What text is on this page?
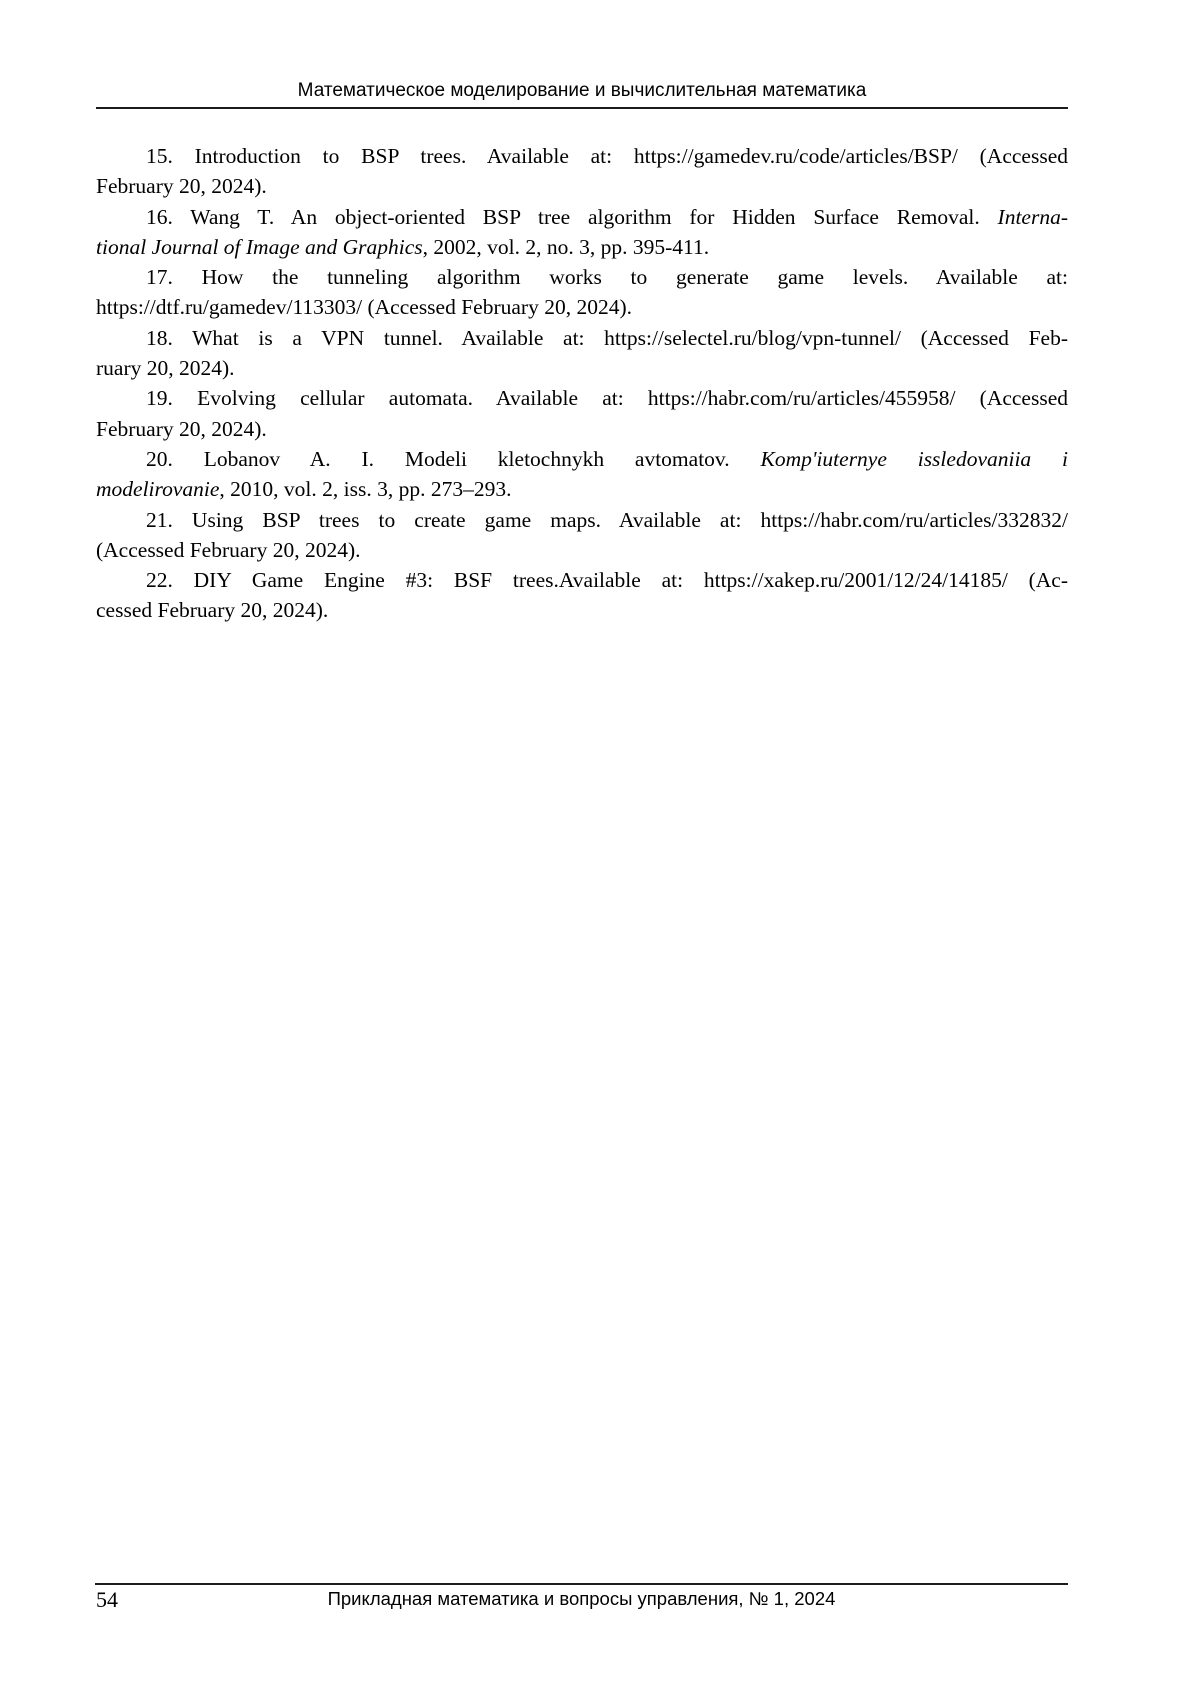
Математическое моделирование и вычислительная математика

15. Introduction to BSP trees. Available at: https://gamedev.ru/code/articles/BSP/ (Accessed
February 20, 2024).

16. Wang T. An object-oriented BSP tree algorithm for Hidden Surface Removal. Interna-
tional Journal of Image and Graphics, 2002, vol. 2, no. 3, pp. 395-411.

17. How the tunneling algorithm works to generate game levels. Available at:
https://dtf.ru/gamedev/113303/ (Accessed February 20, 2024).

18. What is a VPN tunnel. Available at: https://selectel.ru/blog/vpn-tunnel/ (Accessed Feb-
ruary 20, 2024).

19. Evolving cellular automata. Available at: https://habr.com/ru/articles/455958/ (Accessed
February 20, 2024).

20. Lobanov A. I. Modeli kletochnykh avtomatov. Komp'iuternye issledovaniia i
modelirovanie, 2010, vol. 2, iss. 3, pp. 273–293.

21. Using BSP trees to create game maps. Available at: https://habr.com/ru/articles/332832/
(Accessed February 20, 2024).

22. DIY Game Engine #3: BSF trees.Available at: https://xakep.ru/2001/12/24/14185/ (Ac-
cessed February 20, 2024).

54	Прикладная математика и вопросы управления, № 1, 2024
